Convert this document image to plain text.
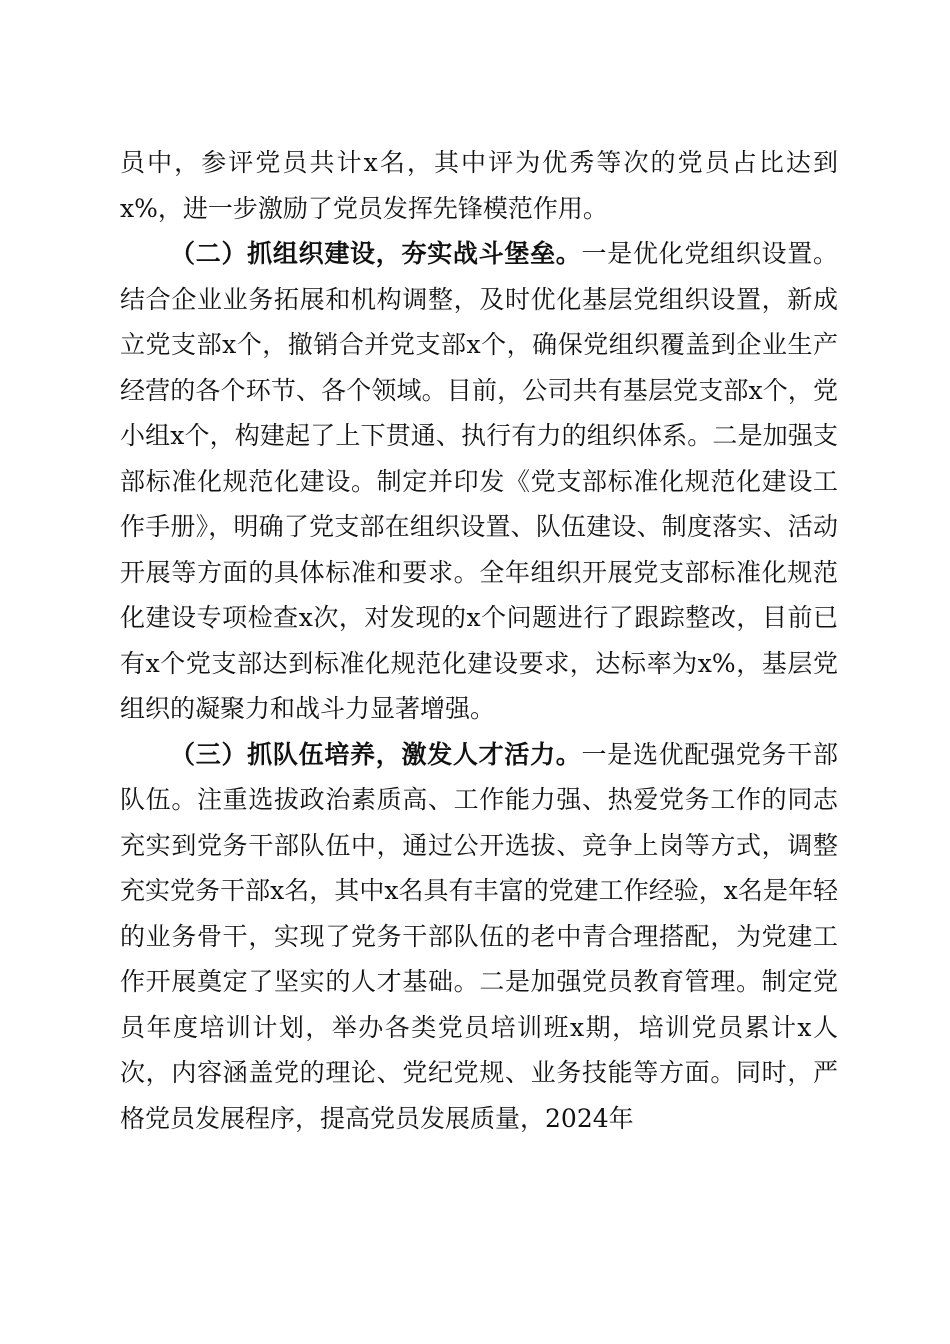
员中，参评党员共计x名，其中评为优秀等次的党员占比达到x%，进一步激励了党员发挥先锋模范作用。

（二）抓组织建设，夯实战斗堡垒。一是优化党组织设置。结合企业业务拓展和机构调整，及时优化基层党组织设置，新成立党支部x个，撤销合并党支部x个，确保党组织覆盖到企业生产经营的各个环节、各个领域。目前，公司共有基层党支部x个，党小组x个，构建起了上下贯通、执行有力的组织体系。二是加强支部标准化规范化建设。制定并印发《党支部标准化规范化建设工作手册》，明确了党支部在组织设置、队伍建设、制度落实、活动开展等方面的具体标准和要求。全年组织开展党支部标准化规范化建设专项检查x次，对发现的x个问题进行了跟踪整改，目前已有x个党支部达到标准化规范化建设要求，达标率为x%，基层党组织的凝聚力和战斗力显著增强。

（三）抓队伍培养，激发人才活力。一是选优配强党务干部队伍。注重选拔政治素质高、工作能力强、热爱党务工作的同志充实到党务干部队伍中，通过公开选拔、竞争上岗等方式，调整充实党务干部x名，其中x名具有丰富的党建工作经验，x名是年轻的业务骨干，实现了党务干部队伍的老中青合理搭配，为党建工作开展奠定了坚实的人才基础。二是加强党员教育管理。制定党员年度培训计划，举办各类党员培训班x期，培训党员累计x人次，内容涵盖党的理论、党纪党规、业务技能等方面。同时，严格党员发展程序，提高党员发展质量，2024年
